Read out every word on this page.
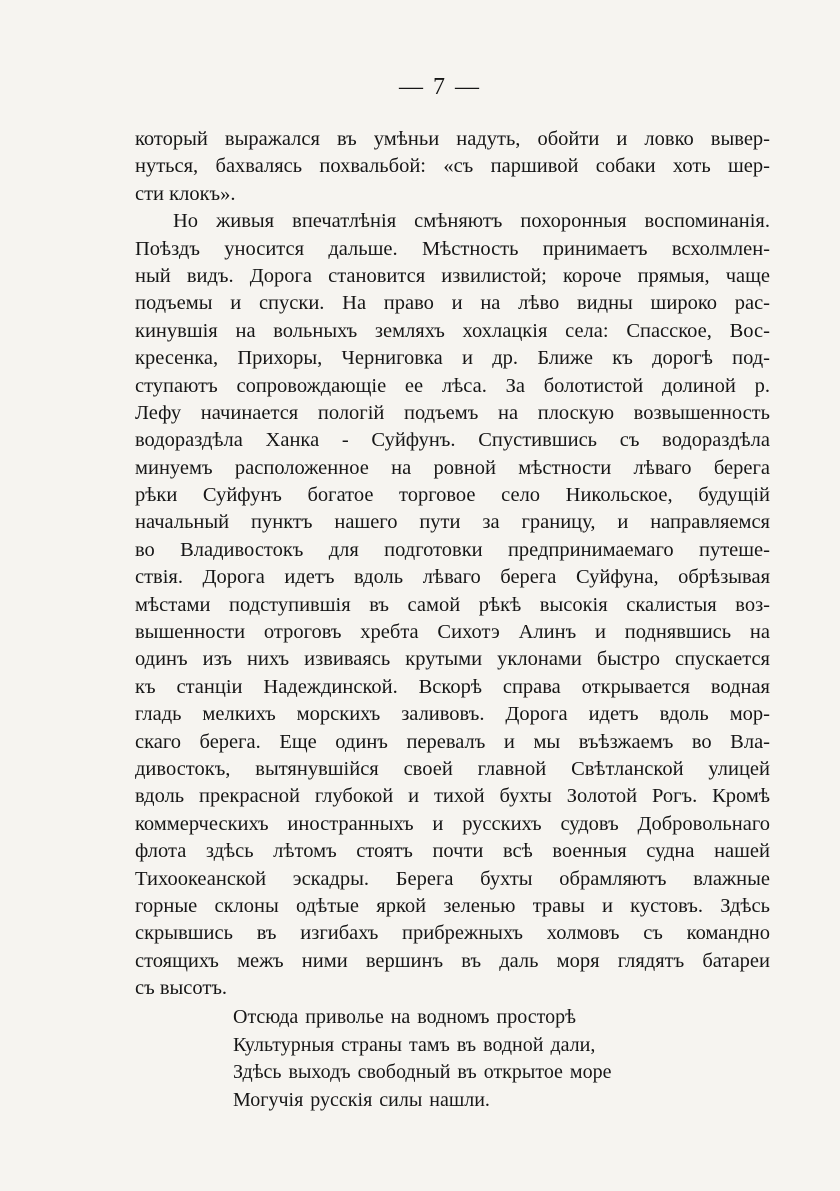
— 7 —
который выражался въ умѣньи надуть, обойти и ловко вывер-
нуться, бахвалясь похвальбой: «съ паршивой собаки хоть шер-
сти клокъ».
Но живыя впечатлѣнія смѣняютъ похоронныя воспоминанія.
Поѣздъ уносится дальше. Мѣстность принимаетъ всхолмлен-
ный видъ. Дорога становится извилистой; короче прямыя, чаще
подъемы и спуски. На право и на лѣво видны широко рас-
кинувшія на вольныхъ земляхъ хохлацкія села: Спасское, Вос-
кресенка, Прихоры, Черниговка и др. Ближе къ дорогѣ под-
ступаютъ сопровождающіе ее лѣса. За болотистой долиной р.
Лефу начинается пологій подъемъ на плоскую возвышенность
водораздѣла Ханка - Суйфунъ. Спустившись съ водораздѣла
минуемъ расположенное на ровной мѣстности лѣваго берега
рѣки Суйфунъ богатое торговое село Никольское, будущій
начальный пунктъ нашего пути за границу, и направляемся
во Владивостокъ для подготовки предпринимаемаго путеше-
ствія. Дорога идетъ вдоль лѣваго берега Суйфуна, обрѣзывая
мѣстами подступившія въ самой рѣкѣ высокія скалистыя воз-
вышенности отроговъ хребта Сихотэ Алинъ и поднявшись на
одинъ изъ нихъ извиваясь крутыми уклонами быстро спускается
къ станціи Надеждинской. Вскорѣ справа открывается водная
гладь мелкихъ морскихъ заливовъ. Дорога идетъ вдоль мор-
скаго берега. Еще одинъ перевалъ и мы въѣзжаемъ во Вла-
дивостокъ, вытянувшійся своей главной Свѣтланской улицей
вдоль прекрасной глубокой и тихой бухты Золотой Рогъ. Кромѣ
коммерческихъ иностранныхъ и русскихъ судовъ Добровольнаго
флота здѣсь лѣтомъ стоятъ почти всѣ военныя судна нашей
Тихоокеанской эскадры. Берега бухты обрамляютъ влажные
горные склоны одѣтые яркой зеленью травы и кустовъ. Здѣсь
скрывшись въ изгибахъ прибрежныхъ холмовъ съ командно
стоящихъ межъ ними вершинъ въ даль моря глядятъ батареи
съ высотъ.
Отсюда приволье на водномъ просторѣ
Культурныя страны тамъ въ водной дали,
Здѣсь выходъ свободный въ открытое море
Могучія русскія силы нашли.
